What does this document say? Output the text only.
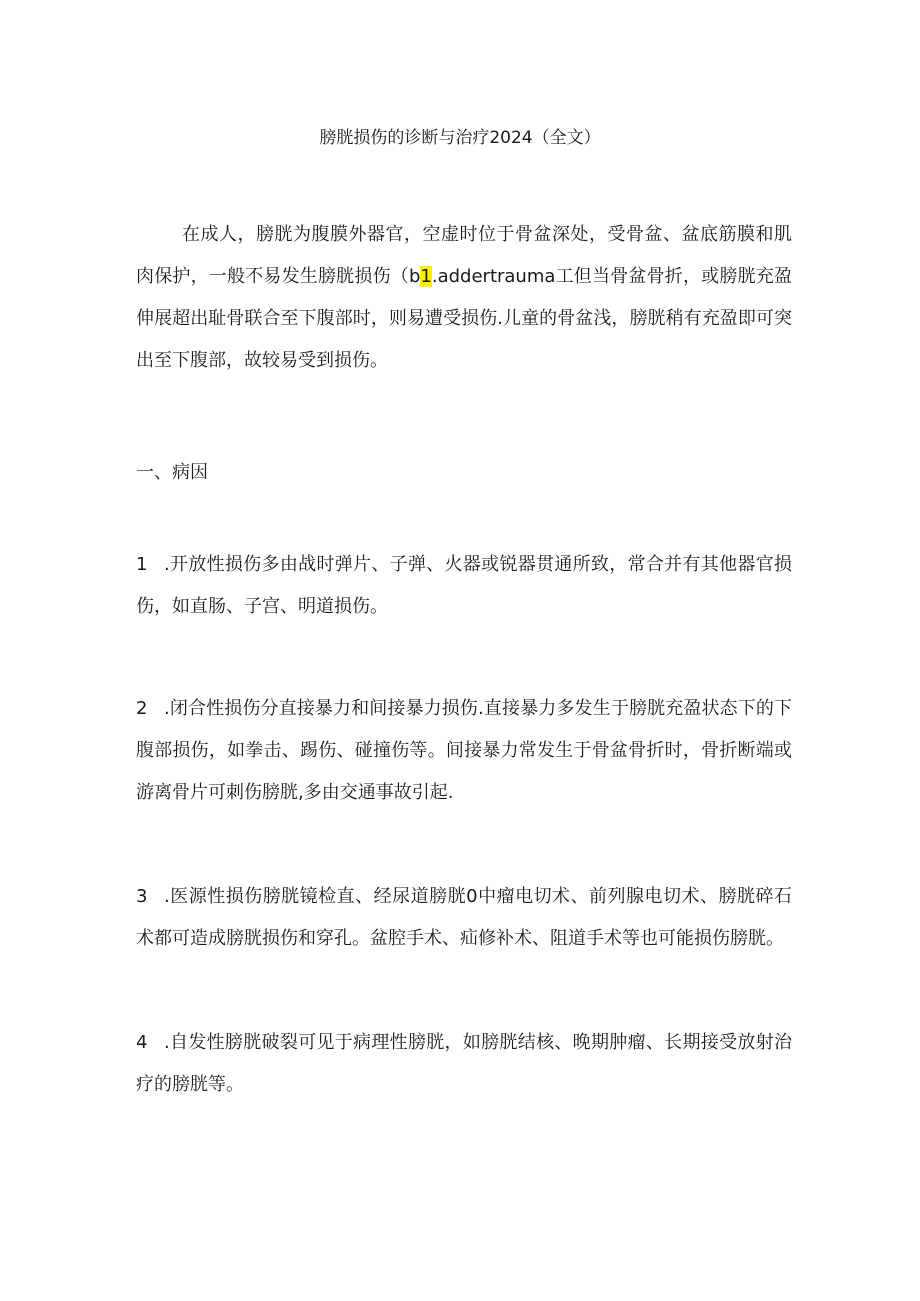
膀胱损伤的诊断与治疗2024（全文）

在成人，膀胱为腹膜外器官，空虚时位于骨盆深处，受骨盆、盆底筋膜和肌肉保护，一般不易发生膀胱损伤（b1.addertrauma工但当骨盆骨折，或膀胱充盈伸展超出耻骨联合至下腹部时，则易遭受损伤.儿童的骨盆浅，膀胱稍有充盈即可突出至下腹部，故较易受到损伤。

一、病因

1 .开放性损伤多由战时弹片、子弹、火器或锐器贯通所致，常合并有其他器官损伤，如直肠、子宫、明道损伤。

2 .闭合性损伤分直接暴力和间接暴力损伤.直接暴力多发生于膀胱充盈状态下的下腹部损伤，如拳击、踢伤、碰撞伤等。间接暴力常发生于骨盆骨折时，骨折断端或游离骨片可刺伤膀胱,多由交通事故引起.

3 .医源性损伤膀胱镜检直、经尿道膀胱0中瘤电切术、前列腺电切术、膀胱碎石术都可造成膀胱损伤和穿孔。盆腔手术、疝修补术、阻道手术等也可能损伤膀胱。

4 .自发性膀胱破裂可见于病理性膀胱，如膀胱结核、晚期肿瘤、长期接受放射治疗的膀胱等。
